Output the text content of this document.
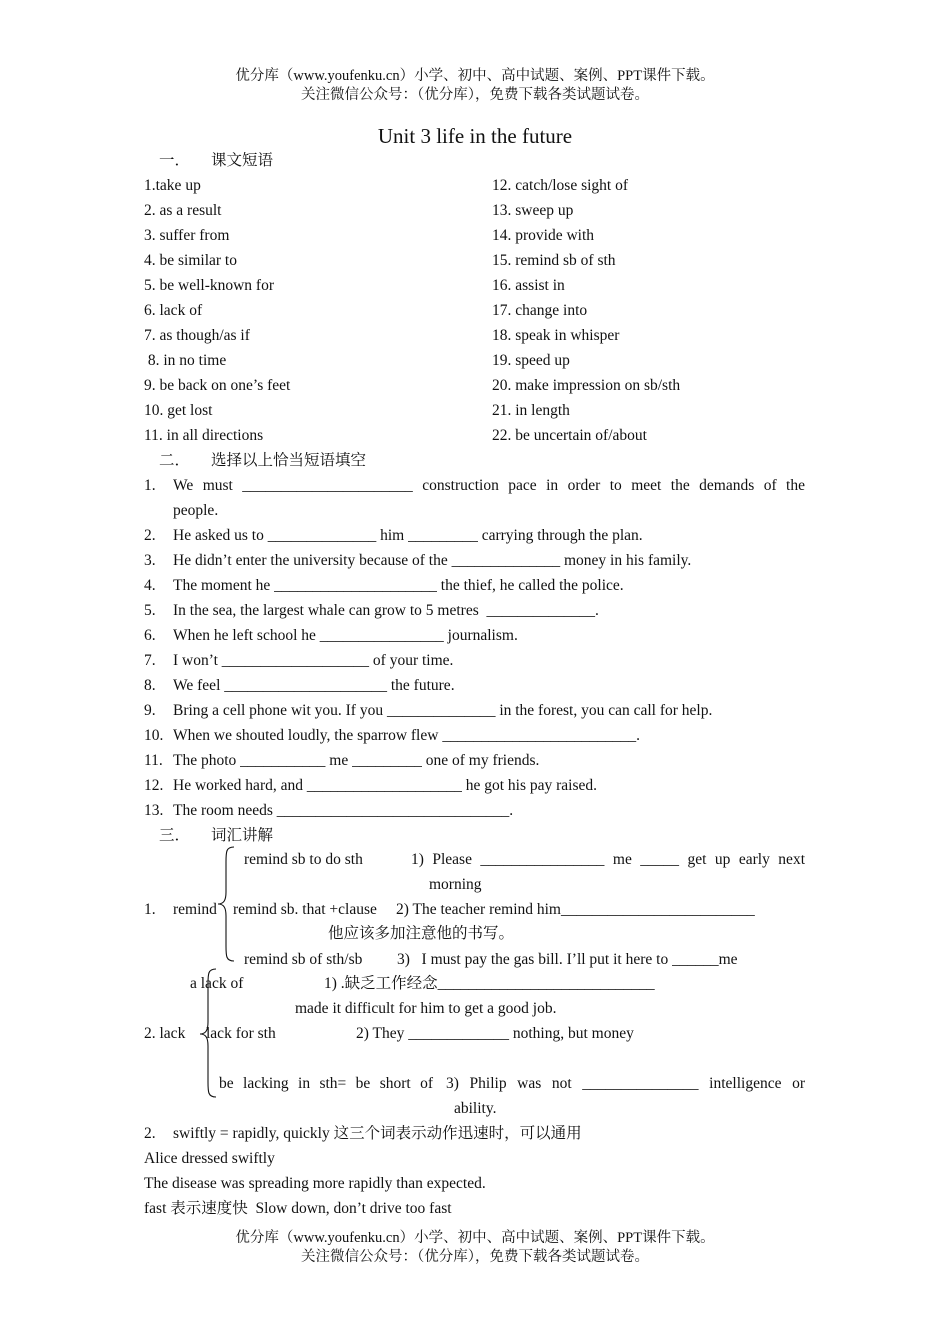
优分库（www.youfenku.cn）小学、初中、高中试题、案例、PPT课件下载。
关注微信公众号：（优分库），免费下载各类试题试卷。
Unit 3 life in the future
一． 课文短语
1.take up
2. as a result
3. suffer from
4. be similar to
5. be well-known for
6. lack of
7. as though/as if
8. in no time
9. be back on one’s feet
10. get lost
11. in all directions
12. catch/lose sight of
13. sweep up
14. provide with
15. remind sb of sth
16. assist in
17. change into
18. speak in whisper
19. speed up
20. make impression on sb/sth
21. in length
22. be uncertain of/about
二． 选择以上恰当短语填空
1. We must ______________________ construction pace in order to meet the demands of the
people.
2. He asked us to ______________ him _________ carrying through the plan.
3. He didn’t enter the university because of the ______________ money in his family.
4. The moment he _____________________ the thief, he called the police.
5. In the sea, the largest whale can grow to 5 metres  ______________.
6. When he left school he ________________ journalism.
7. I won’t ___________________ of your time.
8. We feel _____________________ the future.
9. Bring a cell phone wit you. If you ______________ in the forest, you can call for help.
10. When we shouted loudly, the sparrow flew _________________________.
11. The photo ___________ me _________ one of my friends.
12. He worked hard, and ____________________ he got his pay raised.
13. The room needs ______________________________.
三． 词汇讲解
1. remind
remind sb to do sth	1) Please ________________ me _____ get up early next
morning
remind sb. that +clause 2) The teacher remind him_________________________
他应该多加注意他的书写。
remind sb of sth/sb 3)   I must pay the gas bill. I’ll put it here to ______me
2. lack
a lack of	1) .缺乏工作经念____________________________
made it difficult for him to get a good job.
lack for sth	2) They _____________ nothing, but money
be lacking in sth= be short of 3) Philip was not _______________ intelligence or
ability.
2. swiftly = rapidly, quickly 这三个词表示动作迅速时，可以通用
Alice dressed swiftly
The disease was spreading more rapidly than expected.
fast 表示速度快  Slow down, don’t drive too fast
优分库（www.youfenku.cn）小学、初中、高中试题、案例、PPT课件下载。
关注微信公众号：（优分库），免费下载各类试题试卷。
